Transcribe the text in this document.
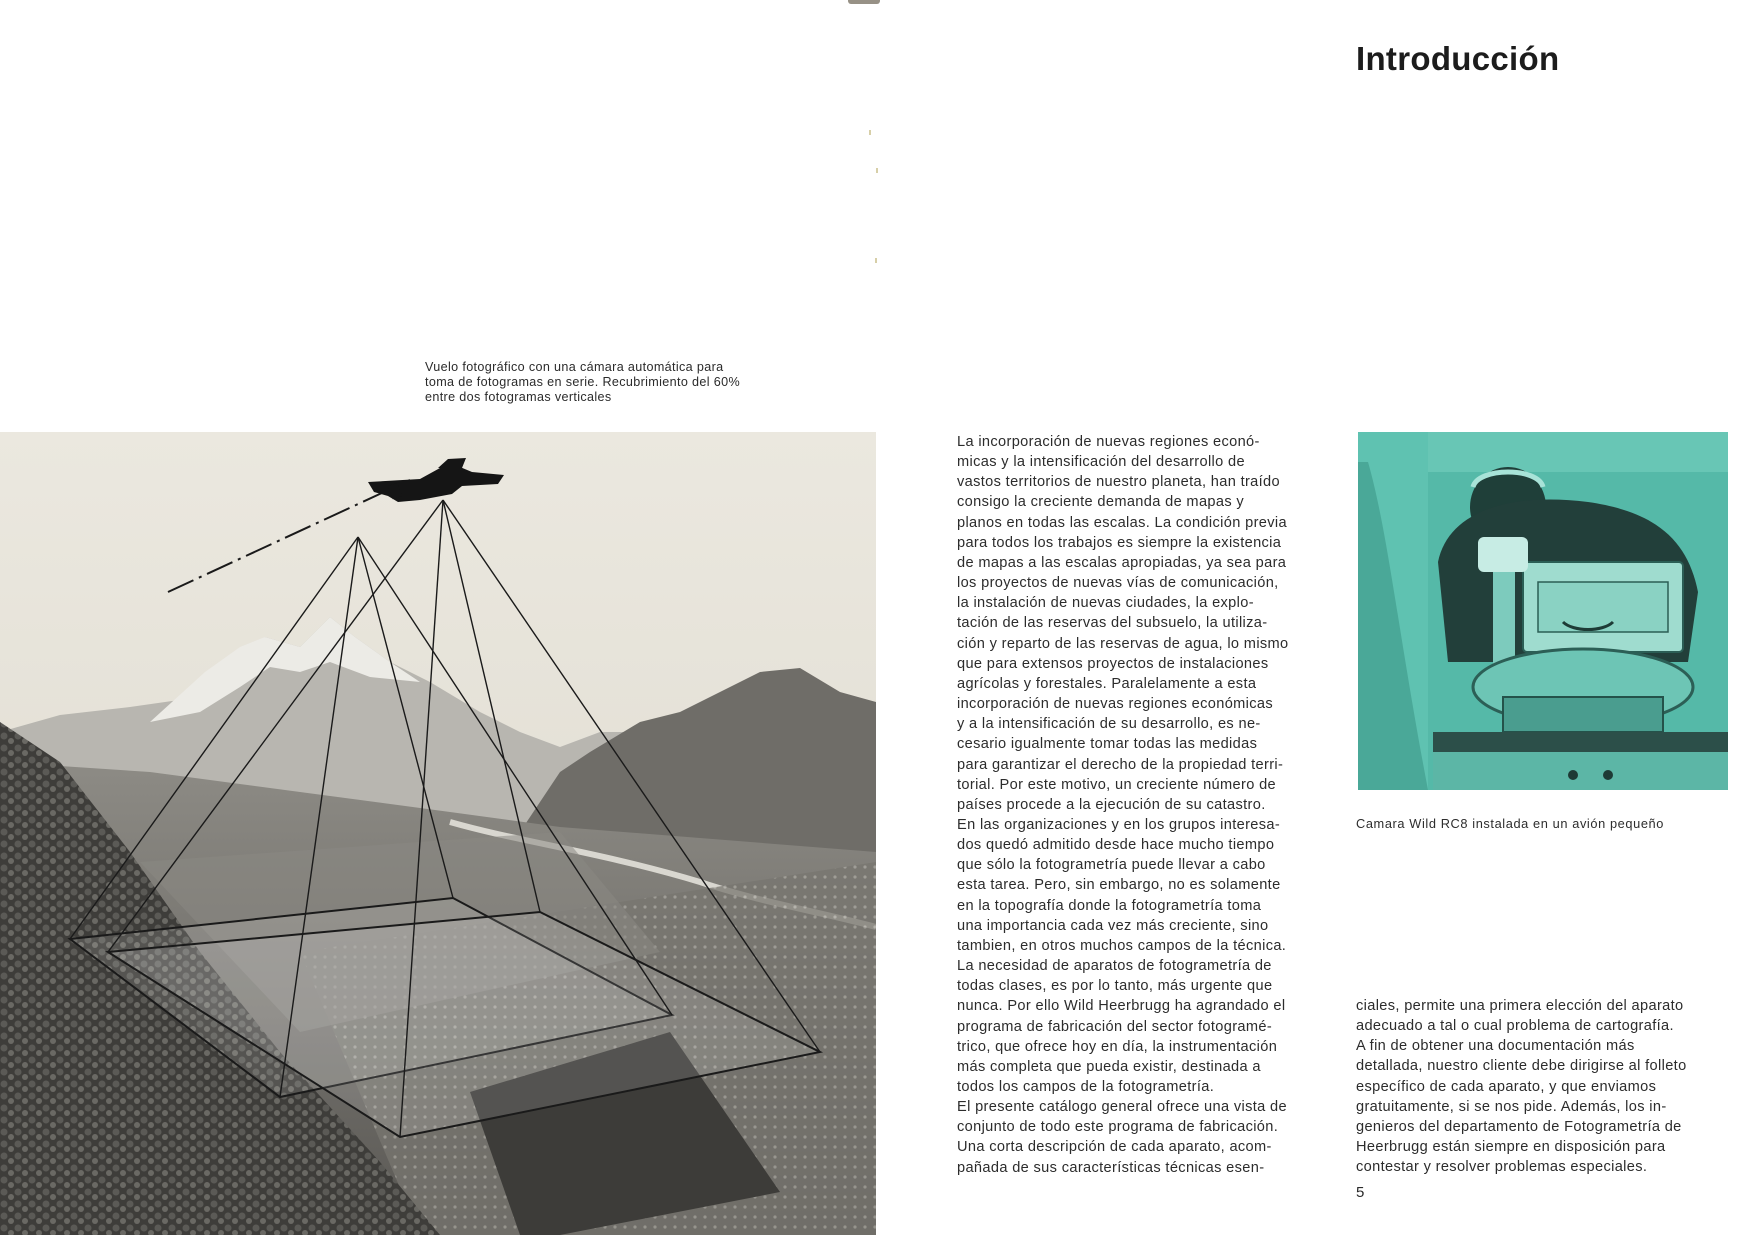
Vuelo fotográfico con una cámara automática para
toma de fotogramas en serie. Recubrimiento del 60%
entre dos fotogramas verticales
Introducción
La incorporación de nuevas regiones econó-
micas y la intensificación del desarrollo de
vastos territorios de nuestro planeta, han traído
consigo la creciente demanda de mapas y
planos en todas las escalas. La condición previa
para todos los trabajos es siempre la existencia
de mapas a las escalas apropiadas, ya sea para
los proyectos de nuevas vías de comunicación,
la instalación de nuevas ciudades, la explo-
tación de las reservas del subsuelo, la utiliza-
ción y reparto de las reservas de agua, lo mismo
que para extensos proyectos de instalaciones
agrícolas y forestales. Paralelamente a esta
incorporación de nuevas regiones económicas
y a la intensificación de su desarrollo, es ne-
cesario igualmente tomar todas las medidas
para garantizar el derecho de la propiedad terri-
torial. Por este motivo, un creciente número de
países procede a la ejecución de su catastro.
En las organizaciones y en los grupos interesa-
dos quedó admitido desde hace mucho tiempo
que sólo la fotogrametría puede llevar a cabo
esta tarea. Pero, sin embargo, no es solamente
en la topografía donde la fotogrametría toma
una importancia cada vez más creciente, sino
tambien, en otros muchos campos de la técnica.
La necesidad de aparatos de fotogrametría de
todas clases, es por lo tanto, más urgente que
nunca. Por ello Wild Heerbrugg ha agrandado el
programa de fabricación del sector fotogramé-
trico, que ofrece hoy en día, la instrumentación
más completa que pueda existir, destinada a
todos los campos de la fotogrametría.
El presente catálogo general ofrece una vista de
conjunto de todo este programa de fabricación.
Una corta descripción de cada aparato, acom-
pañada de sus características técnicas esen-
Camara Wild RC8 instalada en un avión pequeño
ciales, permite una primera elección del aparato
adecuado a tal o cual problema de cartografía.
A fin de obtener una documentación más
detallada, nuestro cliente debe dirigirse al folleto
específico de cada aparato, y que enviamos
gratuitamente, si se nos pide. Además, los in-
genieros del departamento de Fotogrametría de
Heerbrugg están siempre en disposición para
contestar y resolver problemas especiales.
5
